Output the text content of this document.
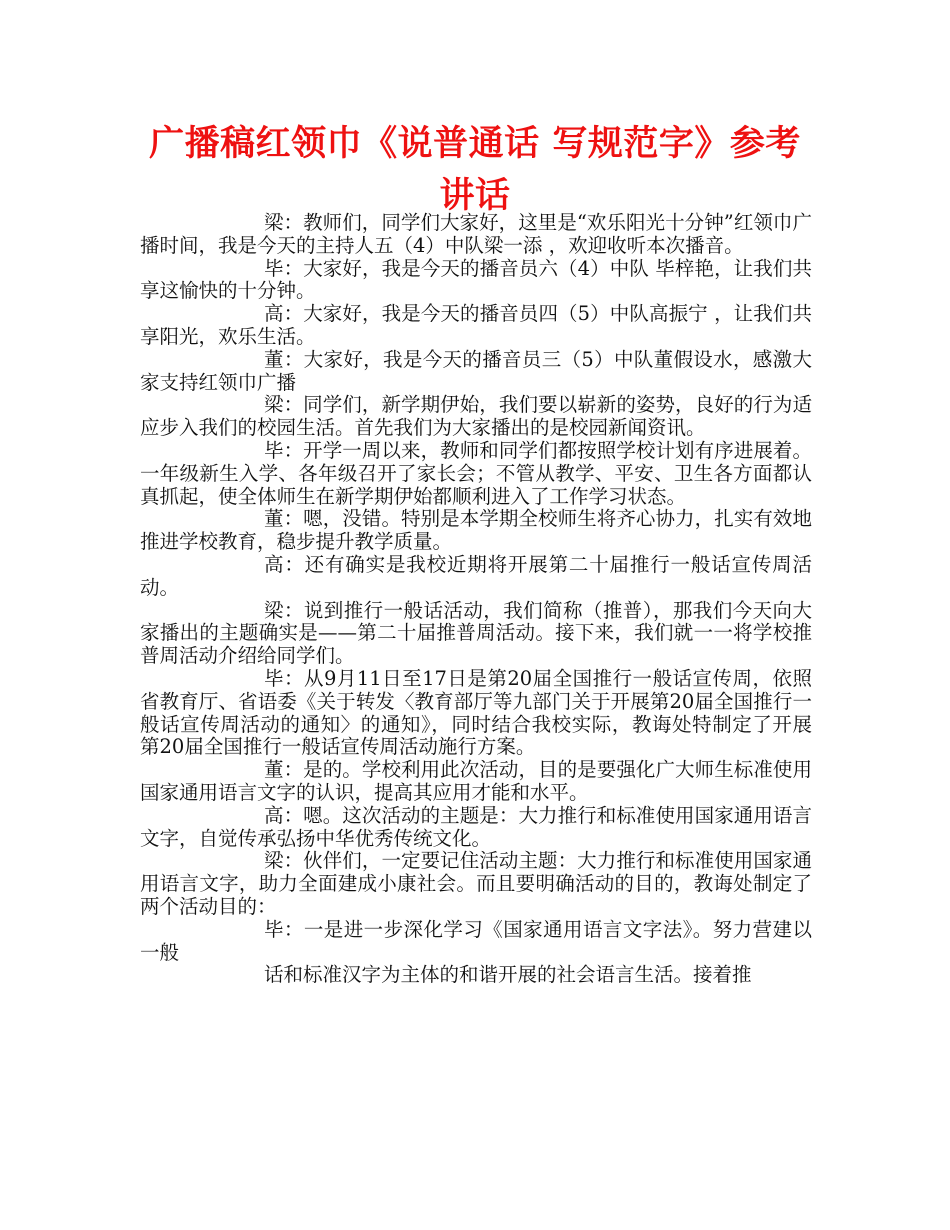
广播稿红领巾《说普通话 写规范字》参考讲话

梁：教师们，同学们大家好，这里是“欢乐阳光十分钟”红领巾广播时间，我是今天的主持人五（4）中队梁一添 ，欢迎收听本次播音。

毕：大家好，我是今天的播音员六（4）中队 毕梓艳，让我们共享这愉快的十分钟。

高：大家好，我是今天的播音员四（5）中队高振宁 ，让我们共享阳光，欢乐生活。

董：大家好，我是今天的播音员三（5）中队董假设水，感激大家支持红领巾广播

梁：同学们，新学期伊始，我们要以崭新的姿势，良好的行为适应步入我们的校园生活。首先我们为大家播出的是校园新闻资讯。

毕：开学一周以来，教师和同学们都按照学校计划有序进展着。一年级新生入学、各年级召开了家长会；不管从教学、平安、卫生各方面都认真抓起，使全体师生在新学期伊始都顺利进入了工作学习状态。

董：嗯，没错。特别是本学期全校师生将齐心协力，扎实有效地推进学校教育，稳步提升教学质量。

高：还有确实是我校近期将开展第二十届推行一般话宣传周活动。

梁：说到推行一般话活动，我们简称（推普），那我们今天向大家播出的主题确实是——第二十届推普周活动。接下来，我们就一一将学校推普周活动介绍给同学们。

毕：从9月11日至17日是第20届全国推行一般话宣传周，依照省教育厅、省语委《关于转发〈教育部厅等九部门关于开展第20届全国推行一般话宣传周活动的通知〉的通知》，同时结合我校实际，教诲处特制定了开展第20届全国推行一般话宣传周活动施行方案。

董：是的。学校利用此次活动，目的是要强化广大师生标准使用国家通用语言文字的认识，提高其应用才能和水平。

高：嗯。这次活动的主题是：大力推行和标准使用国家通用语言文字，自觉传承弘扬中华优秀传统文化。

梁：伙伴们，一定要记住活动主题：大力推行和标准使用国家通用语言文字，助力全面建成小康社会。而且要明确活动的目的，教诲处制定了两个活动目的：

毕：一是进一步深化学习《国家通用语言文字法》。努力营建以一般

话和标准汉字为主体的和谐开展的社会语言生活。接着推
